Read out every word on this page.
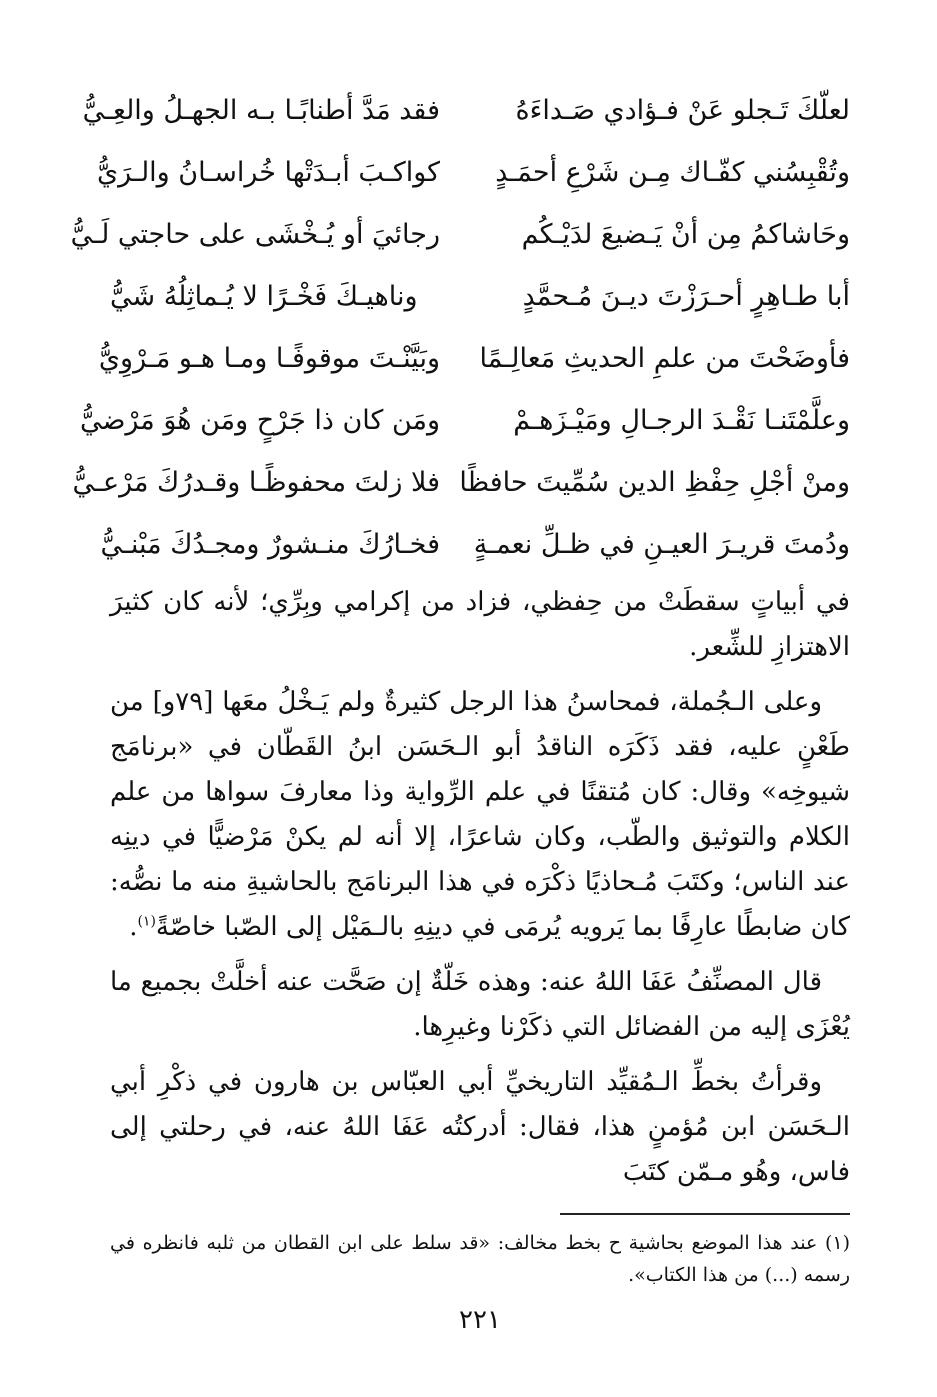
لعلّكَ تَـجلو عَنْ فـؤادي صَـداءَهُ
فقد مَدَّ أطنابًـا بـه الجهـلُ والعِـيُّ
وتُقْبِسُني كفّـاك مِـن شَرْعِ أحمَـدٍ
كواكـبَ أبـدَتْها خُراسـانُ والـرَيُّ
وحَاشاكمُ مِن أنْ يَـضيعَ لدَيْـكُم
رجائيَ أو يُـخْشَى على حاجتي لَـيُّ
أبا طـاهِرٍ أحـرَزْتَ ديـنَ مُـحمَّدٍ
وناهيـكَ فَخْـرًا لا يُـماثِلُهُ شَيُّ
فأوضَحْتَ من علمِ الحديثِ مَعالِـمًا
وبَيَّنْـتَ موقوفًـا ومـا هـو مَـرْوِيُّ
وعلَّمْتَنـا نَقْـدَ الرجـالِ ومَيْـزَهـمْ
ومَن كان ذا جَرْحٍ ومَن هُوَ مَرْضيُّ
ومنْ أجْلِ حِفْظِ الدين سُمِّيتَ حافظًا
فلا زلتَ محفوظًـا وقـدرُكَ مَرْعـيُّ
ودُمتَ قريـرَ العيـنِ في ظـلِّ نعمـةٍ
فخـارُكَ منـشورٌ ومجـدُكَ مَبْنـيُّ

في أبياتٍ سقطَتْ من حِفظي، فزاد من إكرامي وبِرِّي؛ لأنه كان كثيرَ الاهتزازِ للشِّعر.

وعلى الـجُملة، فمحاسنُ هذا الرجل كثيرةٌ ولم يَـخْلُ معَها [٧٩و] من طَعْنٍ عليه، فقد ذَكَرَه الناقدُ أبو الـحَسَن ابنُ القَطّان في «برنامَج شيوخِه» وقال: كان مُتقنًا في علم الرِّواية وذا معارفَ سواها من علم الكلام والتوثيق والطّب، وكان شاعرًا، إلا أنه لم يكنْ مَرْضيًّا في دينِه عند الناس؛ وكتَبَ مُـحاذيًا ذكْرَه في هذا البرنامَج بالحاشيةِ منه ما نصُّه: كان ضابطًا عارِفًا بما يَرويه يُرمَى في دينِهِ بالـمَيْل إلى الصّبا خاصّةً$^{(١)}$.

قال المصنِّفُ عَفَا اللهُ عنه: وهذه خَلّةٌ إن صَحَّت عنه أخلَّتْ بجميع ما يُعْزَى إليه من الفضائل التي ذكَرْنا وغيرِها.

وقرأتُ بخطِّ الـمُقيِّد التاريخيِّ أبي العبّاس بن هارون في ذكْرِ أبي الـحَسَن ابن مُؤمنٍ هذا، فقال: أدركتُه عَفَا اللهُ عنه، في رحلتي إلى فاس، وهُو مـمّن كتَبَ

(١) عند هذا الموضع بحاشية ح بخط مخالف: «قد سلط على ابن القطان من ثلبه فانظره في رسمه (...) من هذا الكتاب».
٢٢١
